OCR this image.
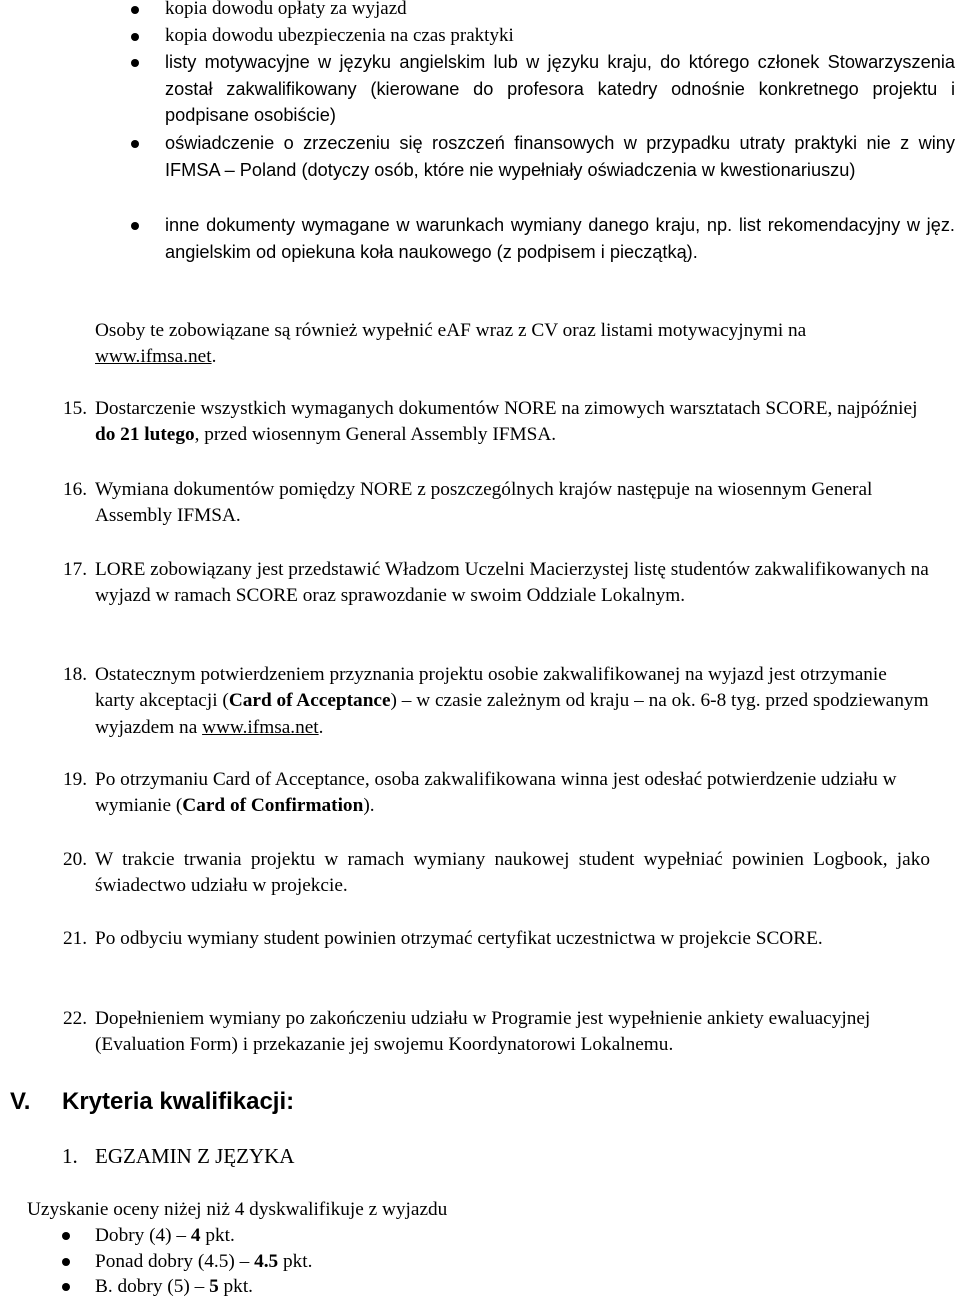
kopia dowodu opłaty za wyjazd
kopia dowodu ubezpieczenia na czas praktyki
listy motywacyjne w języku angielskim lub w języku kraju, do którego członek Stowarzyszenia został zakwalifikowany (kierowane do profesora katedry odnośnie konkretnego projektu i podpisane osobiście)
oświadczenie o zrzeczeniu się roszczeń finansowych w przypadku utraty praktyki nie z winy IFMSA – Poland (dotyczy osób, które nie wypełniały oświadczenia w kwestionariuszu)
inne dokumenty wymagane w warunkach wymiany danego kraju, np. list rekomendacyjny w jęz. angielskim od opiekuna koła naukowego (z podpisem i pieczątką).
Osoby te zobowiązane są również wypełnić eAF wraz z CV oraz listami motywacyjnymi na www.ifmsa.net.
15. Dostarczenie wszystkich wymaganych dokumentów NORE na zimowych warsztatach SCORE, najpóźniej do 21 lutego, przed wiosennym General Assembly IFMSA.
16. Wymiana dokumentów pomiędzy NORE z poszczególnych krajów następuje na wiosennym General Assembly IFMSA.
17. LORE zobowiązany jest przedstawić Władzom Uczelni Macierzystej listę studentów zakwalifikowanych na wyjazd w ramach SCORE oraz sprawozdanie w swoim Oddziale Lokalnym.
18. Ostatecznym potwierdzeniem przyznania projektu osobie zakwalifikowanej na wyjazd jest otrzymanie karty akceptacji (Card of Acceptance) – w czasie zależnym od kraju – na ok. 6-8 tyg. przed spodziewanym wyjazdem na www.ifmsa.net.
19. Po otrzymaniu Card of Acceptance, osoba zakwalifikowana winna jest odesłać potwierdzenie udziału w wymianie (Card of Confirmation).
20. W trakcie trwania projektu w ramach wymiany naukowej student wypełniać powinien Logbook, jako świadectwo udziału w projekcie.
21. Po odbyciu wymiany student powinien otrzymać certyfikat uczestnictwa w projekcie SCORE.
22. Dopełnieniem wymiany po zakończeniu udziału w Programie jest wypełnienie ankiety ewaluacyjnej (Evaluation Form) i przekazanie jej swojemu Koordynatorowi Lokalnemu.
V. Kryteria kwalifikacji:
1. EGZAMIN Z JĘZYKA
Uzyskanie oceny niżej niż 4 dyskwalifikuje z wyjazdu
Dobry (4) – 4 pkt.
Ponad dobry (4.5) – 4.5 pkt.
B. dobry (5) – 5 pkt.
